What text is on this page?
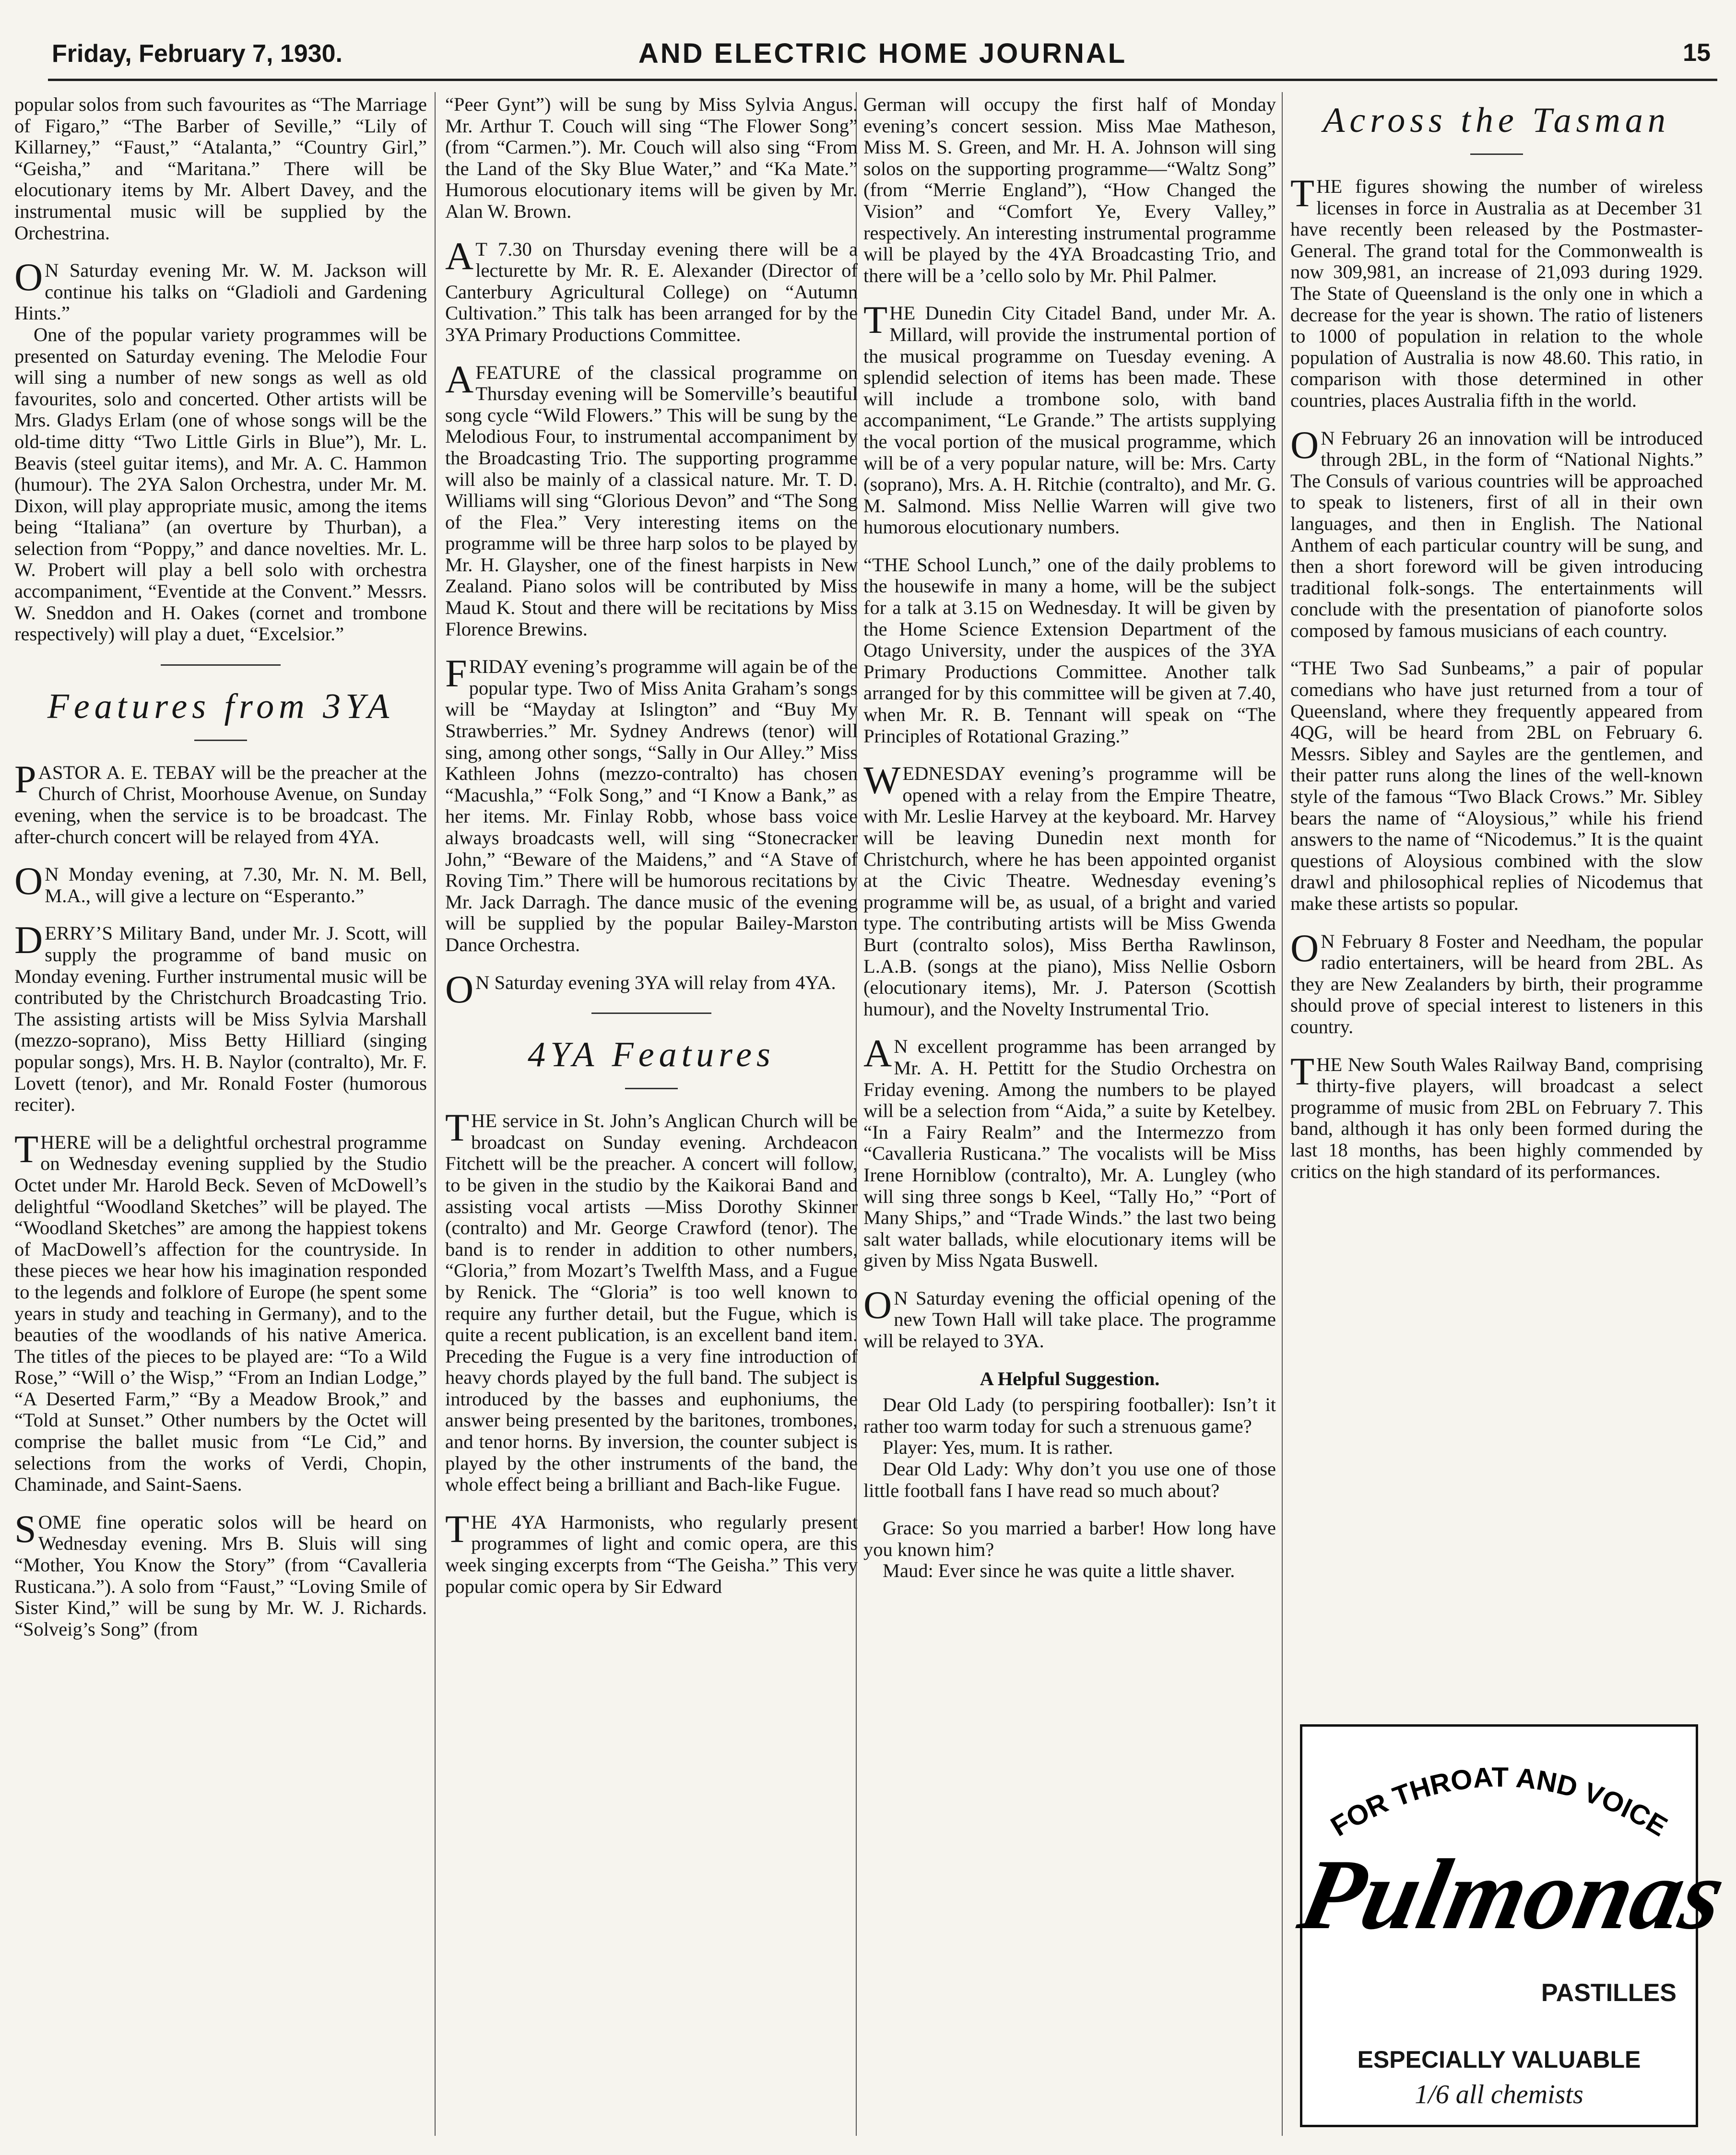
Friday, February 7, 1930.	AND ELECTRIC HOME JOURNAL	15

popular solos from such favourites as “The Marriage of Figaro,” “The Barber of Seville,” “Lily of Killarney,” “Faust,” “Atalanta,” “Country Girl,” “Geisha,” and “Maritana.” There will be elocutionary items by Mr. Albert Davey, and the instrumental music will be supplied by the Orchestrina.

ON Saturday evening Mr. W. M. Jackson will continue his talks on “Gladioli and Gardening Hints.”

One of the popular variety programmes will be presented on Saturday evening. The Melodie Four will sing a number of new songs as well as old favourites, solo and concerted. Other artists will be Mrs. Gladys Erlam (one of whose songs will be the old-time ditty “Two Little Girls in Blue”), Mr. L. Beavis (steel guitar items), and Mr. A. C. Hammon (humour). The 2YA Salon Orchestra, under Mr. M. Dixon, will play appropriate music, among the items being “Italiana” (an overture by Thurban), a selection from “Poppy,” and dance novelties. Mr. L. W. Probert will play a bell solo with orchestra accompaniment, “Eventide at the Convent.” Messrs. W. Sneddon and H. Oakes (cornet and trombone respectively) will play a duet, “Excelsior.”

Features from 3YA

PASTOR A. E. TEBAY will be the preacher at the Church of Christ, Moorhouse Avenue, on Sunday evening, when the service is to be broadcast. The after-church concert will be relayed from 4YA.

ON Monday evening, at 7.30, Mr. N. M. Bell, M.A., will give a lecture on “Esperanto.”

DERRY’S Military Band, under Mr. J. Scott, will supply the programme of band music on Monday evening. Further instrumental music will be contributed by the Christchurch Broadcasting Trio. The assisting artists will be Miss Sylvia Marshall (mezzo-soprano), Miss Betty Hilliard (singing popular songs), Mrs. H. B. Naylor (contralto), Mr. F. Lovett (tenor), and Mr. Ronald Foster (humorous reciter).

THERE will be a delightful orchestral programme on Wednesday evening supplied by the Studio Octet under Mr. Harold Beck. Seven of McDowell’s delightful “Woodland Sketches” will be played. The “Woodland Sketches” are among the happiest tokens of MacDowell’s affection for the countryside. In these pieces we hear how his imagination responded to the legends and folklore of Europe (he spent some years in study and teaching in Germany), and to the beauties of the woodlands of his native America. The titles of the pieces to be played are: “To a Wild Rose,” “Will o’ the Wisp,” “From an Indian Lodge,” “A Deserted Farm,” “By a Meadow Brook,” and “Told at Sunset.” Other numbers by the Octet will comprise the ballet music from “Le Cid,” and selections from the works of Verdi, Chopin, Chaminade, and Saint-Saens.

SOME fine operatic solos will be heard on Wednesday evening. Mrs B. Sluis will sing “Mother, You Know the Story” (from “Cavalleria Rusticana.”). A solo from “Faust,” “Loving Smile of Sister Kind,” will be sung by Mr. W. J. Richards. “Solveig’s Song” (from

“Peer Gynt”) will be sung by Miss Sylvia Angus. Mr. Arthur T. Couch will sing “The Flower Song” (from “Carmen.”). Mr. Couch will also sing “From the Land of the Sky Blue Water,” and “Ka Mate.” Humorous elocutionary items will be given by Mr. Alan W. Brown.

AT 7.30 on Thursday evening there will be a lecturette by Mr. R. E. Alexander (Director of Canterbury Agricultural College) on “Autumn Cultivation.” This talk has been arranged for by the 3YA Primary Productions Committee.

AFEATURE of the classical programme on Thursday evening will be Somerville’s beautiful song cycle “Wild Flowers.” This will be sung by the Melodious Four, to instrumental accompaniment by the Broadcasting Trio. The supporting programme will also be mainly of a classical nature. Mr. T. D. Williams will sing “Glorious Devon” and “The Song of the Flea.” Very interesting items on the programme will be three harp solos to be played by Mr. H. Glaysher, one of the finest harpists in New Zealand. Piano solos will be contributed by Miss Maud K. Stout and there will be recitations by Miss Florence Brewins.

FRIDAY evening’s programme will again be of the popular type. Two of Miss Anita Graham’s songs will be “Mayday at Islington” and “Buy My Strawberries.” Mr. Sydney Andrews (tenor) will sing, among other songs, “Sally in Our Alley.” Miss Kathleen Johns (mezzo-contralto) has chosen “Macushla,” “Folk Song,” and “I Know a Bank,” as her items. Mr. Finlay Robb, whose bass voice always broadcasts well, will sing “Stonecracker John,” “Beware of the Maidens,” and “A Stave of Roving Tim.” There will be humorous recitations by Mr. Jack Darragh. The dance music of the evening will be supplied by the popular Bailey-Marston Dance Orchestra.

ON Saturday evening 3YA will relay from 4YA.

4YA Features

THE service in St. John’s Anglican Church will be broadcast on Sunday evening. Archdeacon Fitchett will be the preacher. A concert will follow, to be given in the studio by the Kaikorai Band and assisting vocal artists —Miss Dorothy Skinner (contralto) and Mr. George Crawford (tenor). The band is to render in addition to other numbers, “Gloria,” from Mozart’s Twelfth Mass, and a Fugue by Renick. The “Gloria” is too well known to require any further detail, but the Fugue, which is quite a recent publication, is an excellent band item. Preceding the Fugue is a very fine introduction of heavy chords played by the full band. The subject is introduced by the basses and euphoniums, the answer being presented by the baritones, trombones, and tenor horns. By inversion, the counter subject is played by the other instruments of the band, the whole effect being a brilliant and Bach-like Fugue.

THE 4YA Harmonists, who regularly present programmes of light and comic opera, are this week singing excerpts from “The Geisha.” This very popular comic opera by Sir Edward

German will occupy the first half of Monday evening’s concert session. Miss Mae Matheson, Miss M. S. Green, and Mr. H. A. Johnson will sing solos on the supporting programme—“Waltz Song” (from “Merrie England”), “How Changed the Vision” and “Comfort Ye, Every Valley,” respectively. An interesting instrumental programme will be played by the 4YA Broadcasting Trio, and there will be a ’cello solo by Mr. Phil Palmer.

THE Dunedin City Citadel Band, under Mr. A. Millard, will provide the instrumental portion of the musical programme on Tuesday evening. A splendid selection of items has been made. These will include a trombone solo, with band accompaniment, “Le Grande.” The artists supplying the vocal portion of the musical programme, which will be of a very popular nature, will be: Mrs. Carty (soprano), Mrs. A. H. Ritchie (contralto), and Mr. G. M. Salmond. Miss Nellie Warren will give two humorous elocutionary numbers.

“THE School Lunch,” one of the daily problems to the housewife in many a home, will be the subject for a talk at 3.15 on Wednesday. It will be given by the Home Science Extension Department of the Otago University, under the auspices of the 3YA Primary Productions Committee. Another talk arranged for by this committee will be given at 7.40, when Mr. R. B. Tennant will speak on “The Principles of Rotational Grazing.”

WEDNESDAY evening’s programme will be opened with a relay from the Empire Theatre, with Mr. Leslie Harvey at the keyboard. Mr. Harvey will be leaving Dunedin next month for Christchurch, where he has been appointed organist at the Civic Theatre. Wednesday evening’s programme will be, as usual, of a bright and varied type. The contributing artists will be Miss Gwenda Burt (contralto solos), Miss Bertha Rawlinson, L.A.B. (songs at the piano), Miss Nellie Osborn (elocutionary items), Mr. J. Paterson (Scottish humour), and the Novelty Instrumental Trio.

AN excellent programme has been arranged by Mr. A. H. Pettitt for the Studio Orchestra on Friday evening. Among the numbers to be played will be a selection from “Aida,” a suite by Ketelbey. “In a Fairy Realm” and the Intermezzo from “Cavalleria Rusticana.” The vocalists will be Miss Irene Horniblow (contralto), Mr. A. Lungley (who will sing three songs b Keel, “Tally Ho,” “Port of Many Ships,” and “Trade Winds.” the last two being salt water ballads, while elocutionary items will be given by Miss Ngata Buswell.

ON Saturday evening the official opening of the new Town Hall will take place. The programme will be relayed to 3YA.

A Helpful Suggestion.

Dear Old Lady (to perspiring footballer): Isn’t it rather too warm today for such a strenuous game?

Player: Yes, mum. It is rather.

Dear Old Lady: Why don’t you use one of those little football fans I have read so much about?

Grace: So you married a barber! How long have you known him?

Maud: Ever since he was quite a little shaver.

Across the Tasman

THE figures showing the number of wireless licenses in force in Australia as at December 31 have recently been released by the Postmaster-General. The grand total for the Commonwealth is now 309,981, an increase of 21,093 during 1929. The State of Queensland is the only one in which a decrease for the year is shown. The ratio of listeners to 1000 of population in relation to the whole population of Australia is now 48.60. This ratio, in comparison with those determined in other countries, places Australia fifth in the world.

ON February 26 an innovation will be introduced through 2BL, in the form of “National Nights.” The Consuls of various countries will be approached to speak to listeners, first of all in their own languages, and then in English. The National Anthem of each particular country will be sung, and then a short foreword will be given introducing traditional folk-songs. The entertainments will conclude with the presentation of pianoforte solos composed by famous musicians of each country.

“THE Two Sad Sunbeams,” a pair of popular comedians who have just returned from a tour of Queensland, where they frequently appeared from 4QG, will be heard from 2BL on February 6. Messrs. Sibley and Sayles are the gentlemen, and their patter runs along the lines of the well-known style of the famous “Two Black Crows.” Mr. Sibley bears the name of “Aloysious,” while his friend answers to the name of “Nicodemus.” It is the quaint questions of Aloysious combined with the slow drawl and philosophical replies of Nicodemus that make these artists so popular.

ON February 8 Foster and Needham, the popular radio entertainers, will be heard from 2BL. As they are New Zealanders by birth, their programme should prove of special interest to listeners in this country.

THE New South Wales Railway Band, comprising thirty-five players, will broadcast a select programme of music from 2BL on February 7. This band, although it has only been formed during the last 18 months, has been highly commended by critics on the high standard of its performances.

FOR THROAT AND VOICE
Pulmonas
PASTILLES
ESPECIALLY VALUABLE
1/6 all chemists
